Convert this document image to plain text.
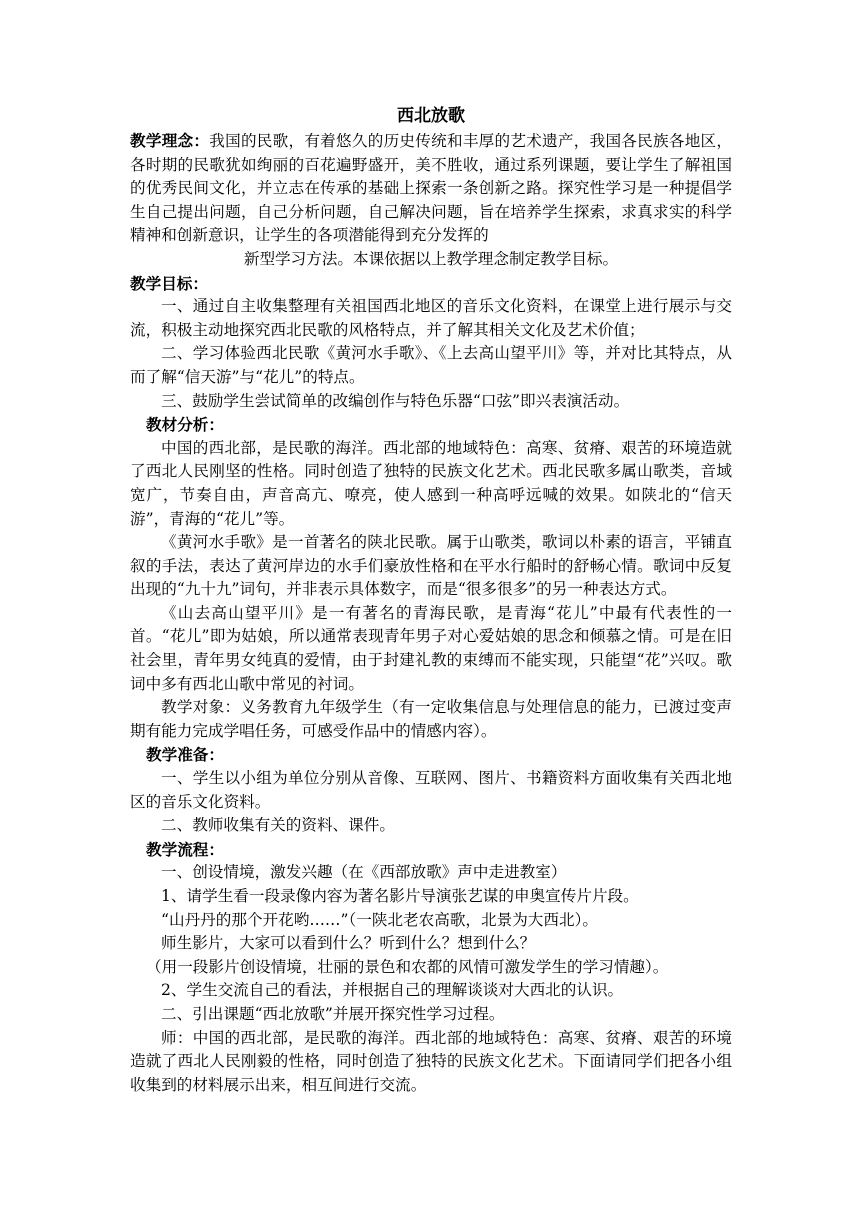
西北放歌

教学理念：我国的民歌，有着悠久的历史传统和丰厚的艺术遗产，我国各民族各地区，各时期的民歌犹如绚丽的百花遍野盛开，美不胜收，通过系列课题，要让学生了解祖国的优秀民间文化，并立志在传承的基础上探索一条创新之路。探究性学习是一种提倡学生自己提出问题，自己分析问题，自己解决问题，旨在培养学生探索，求真求实的科学精神和创新意识，让学生的各项潜能得到充分发挥的

新型学习方法。本课依据以上教学理念制定教学目标。

教学目标：

一、通过自主收集整理有关祖国西北地区的音乐文化资料，在课堂上进行展示与交流，积极主动地探究西北民歌的风格特点，并了解其相关文化及艺术价值；

二、学习体验西北民歌《黄河水手歌》、《上去高山望平川》等，并对比其特点，从而了解“信天游”与“花儿”的特点。

三、鼓励学生尝试简单的改编创作与特色乐器“口弦”即兴表演活动。

教材分析：

中国的西北部，是民歌的海洋。西北部的地域特色：高寒、贫瘠、艰苦的环境造就了西北人民刚坚的性格。同时创造了独特的民族文化艺术。西北民歌多属山歌类，音域宽广，节奏自由，声音高亢、嘹亮，使人感到一种高呼远喊的效果。如陕北的“信天游”，青海的“花儿”等。

《黄河水手歌》是一首著名的陕北民歌。属于山歌类，歌词以朴素的语言，平铺直叙的手法，表达了黄河岸边的水手们豪放性格和在平水行船时的舒畅心情。歌词中反复出现的“九十九”词句，并非表示具体数字，而是“很多很多”的另一种表达方式。

《山去高山望平川》是一有著名的青海民歌，是青海“花儿”中最有代表性的一首。“花儿”即为姑娘，所以通常表现青年男子对心爱姑娘的思念和倾慕之情。可是在旧社会里，青年男女纯真的爱情，由于封建礼教的束缚而不能实现，只能望“花”兴叹。歌词中多有西北山歌中常见的衬词。

教学对象：义务教育九年级学生（有一定收集信息与处理信息的能力，已渡过变声期有能力完成学唱任务，可感受作品中的情感内容）。

教学准备：

一、学生以小组为单位分别从音像、互联网、图片、书籍资料方面收集有关西北地区的音乐文化资料。

二、教师收集有关的资料、课件。

教学流程：

一、创设情境，激发兴趣（在《西部放歌》声中走进教室）

1、请学生看一段录像内容为著名影片导演张艺谋的申奥宣传片片段。

“山丹丹的那个开花哟……”（一陕北老农高歌，北景为大西北）。

师生影片，大家可以看到什么？听到什么？想到什么？

（用一段影片创设情境，壮丽的景色和农都的风情可激发学生的学习情趣）。

2、学生交流自己的看法，并根据自己的理解谈谈对大西北的认识。

二、引出课题“西北放歌”并展开探究性学习过程。

师：中国的西北部，是民歌的海洋。西北部的地域特色：高寒、贫瘠、艰苦的环境造就了西北人民刚毅的性格，同时创造了独特的民族文化艺术。下面请同学们把各小组收集到的材料展示出来，相互间进行交流。
